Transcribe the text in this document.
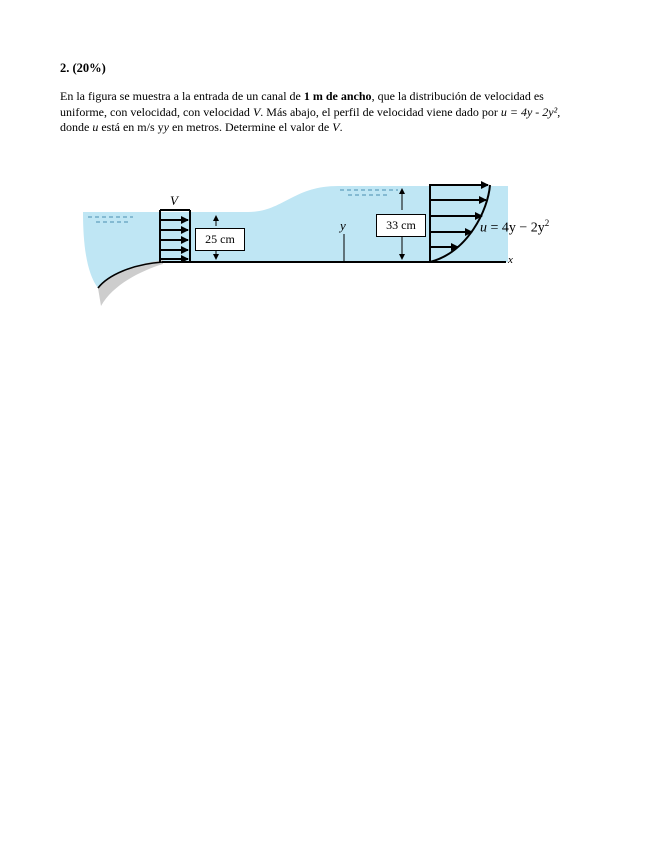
2. (20%)

En la figura se muestra a la entrada de un canal de 1 m de ancho, que la distribución de velocidad es

uniforme, con velocidad, con velocidad V. Más abajo, el perfil de velocidad viene dado por u = 4y - 2y²,

donde u está en m/s yy en metros. Determine el valor de V.

V
25 cm
y	33 cm
x
$u = 4y - 2y^2$
